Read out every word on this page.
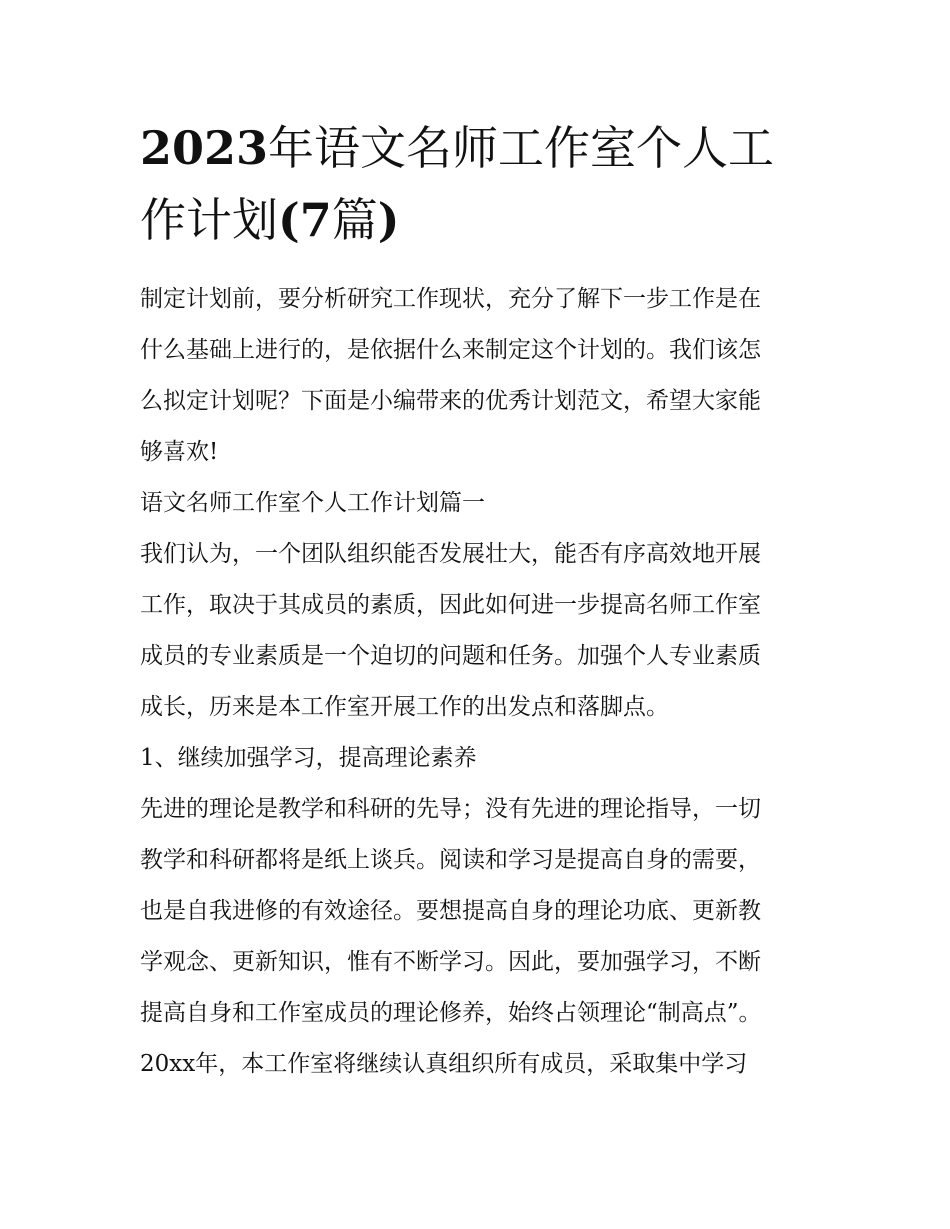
2023年语文名师工作室个人工
作计划(7篇)

制定计划前，要分析研究工作现状，充分了解下一步工作是在
什么基础上进行的，是依据什么来制定这个计划的。我们该怎
么拟定计划呢？下面是小编带来的优秀计划范文，希望大家能
够喜欢!

语文名师工作室个人工作计划篇一

我们认为，一个团队组织能否发展壮大，能否有序高效地开展
工作，取决于其成员的素质，因此如何进一步提高名师工作室
成员的专业素质是一个迫切的问题和任务。加强个人专业素质
成长，历来是本工作室开展工作的出发点和落脚点。

1、继续加强学习，提高理论素养

先进的理论是教学和科研的先导；没有先进的理论指导，一切
教学和科研都将是纸上谈兵。阅读和学习是提高自身的需要，
也是自我进修的有效途径。要想提高自身的理论功底、更新教
学观念、更新知识，惟有不断学习。因此，要加强学习，不断
提高自身和工作室成员的理论修养，始终占领理论“制高点”。
20xx年，本工作室将继续认真组织所有成员，采取集中学习
